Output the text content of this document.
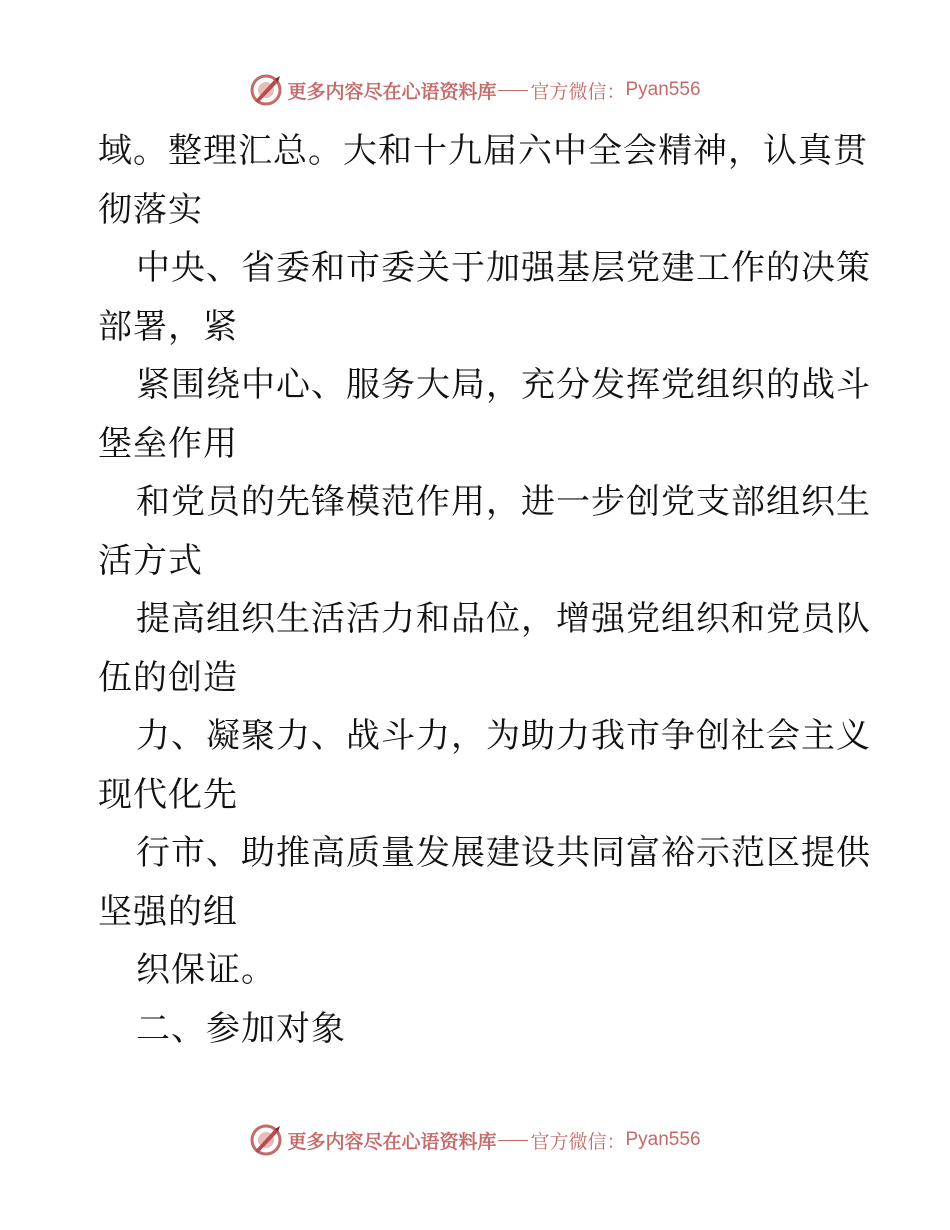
更多内容尽在心语资料库 官方微信： Pyan556
域。整理汇总。大和十九届六中全会精神，认真贯
彻落实
中央、省委和市委关于加强基层党建工作的决策
部署，紧
紧围绕中心、服务大局，充分发挥党组织的战斗
堡垒作用
和党员的先锋模范作用，进一步创党支部组织生
活方式
提高组织生活活力和品位，增强党组织和党员队
伍的创造
力、凝聚力、战斗力，为助力我市争创社会主义
现代化先
行市、助推高质量发展建设共同富裕示范区提供
坚强的组
织保证。
二、参加对象
更多内容尽在心语资料库 官方微信： Pyan556
